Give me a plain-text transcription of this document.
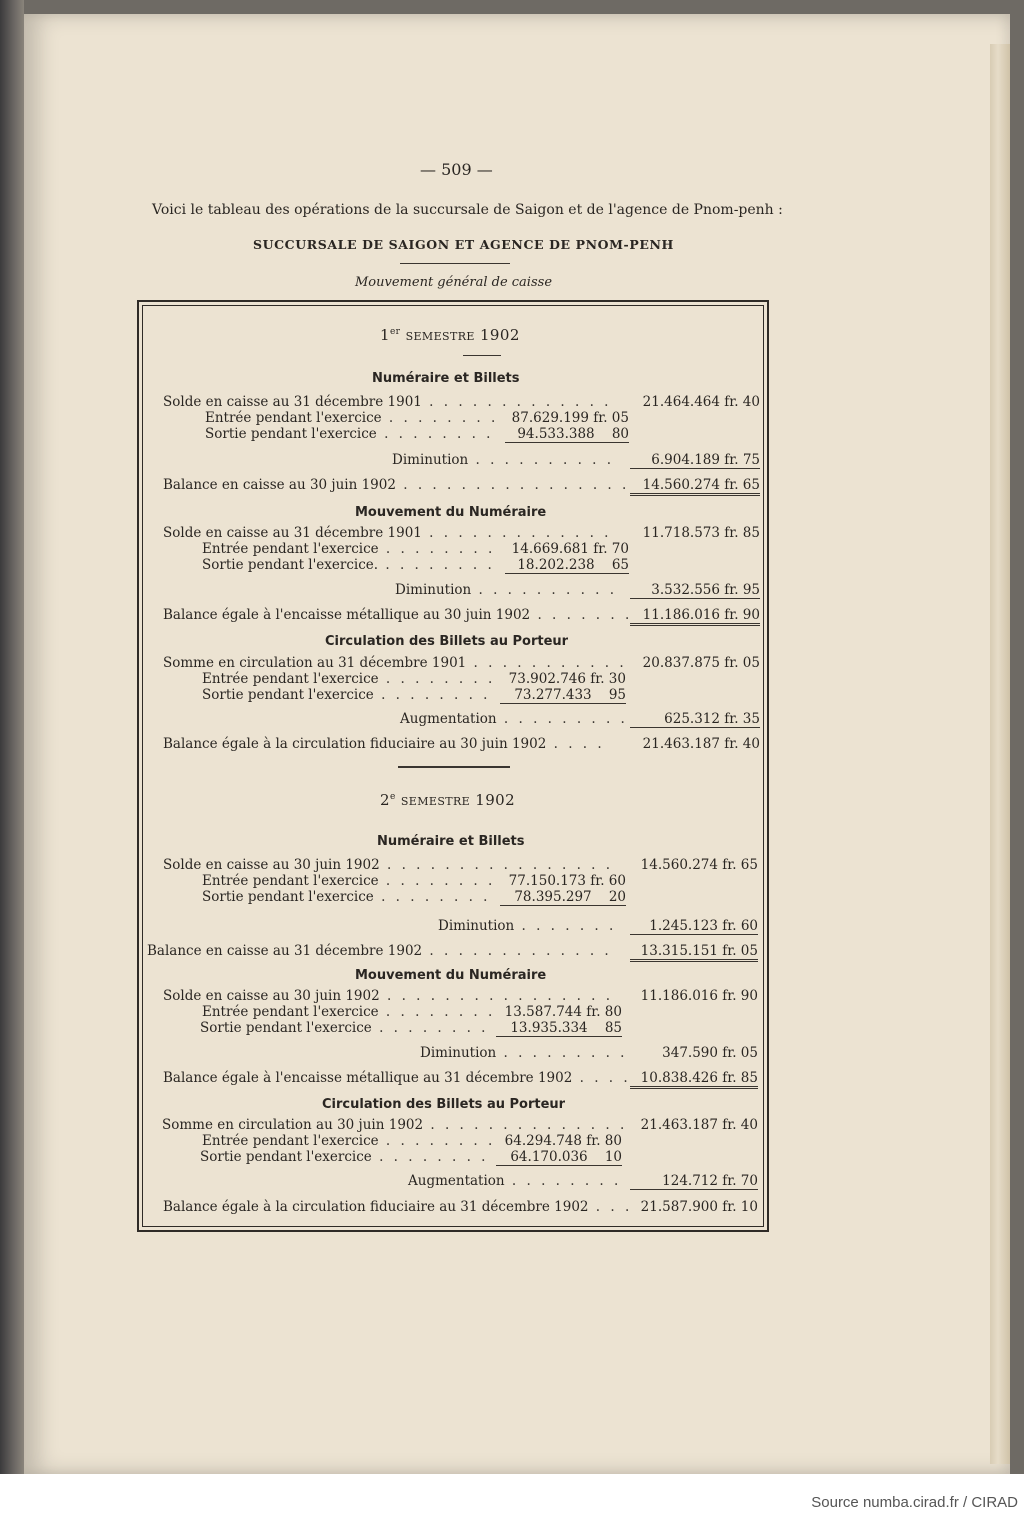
— 509 —
Voici le tableau des opérations de la succursale de Saigon et de l'agence de Pnom-penh :
SUCCURSALE DE SAIGON ET AGENCE DE PNOM-PENH
Mouvement général de caisse
1er SEMESTRE 1902
Numéraire et Billets
Solde en caisse au 31 décembre 1901 . . . . . . . . . . . . .	21.464.464 fr. 40
Entrée pendant l'exercice . . . . . . . . 87.629.199 fr. 05
Sortie pendant l'exercice . . . . . . . .	94.533.388 80
Diminution . . . . . . . . . .	6.904.189 fr. 75
Balance en caisse au 30 juin 1902 . . . . . . . . . . . . . . . . 14.560.274 fr. 65
Mouvement du Numéraire
Solde en caisse au 31 décembre 1901 . . . . . . . . . . . . .	11.718.573 fr. 85
Entrée pendant l'exercice . . . . . . . .	14.669.681 fr. 70
Sortie pendant l'exercice. . . . . . . . .	18.202.238 65
Diminution . . . . . . . . . .	3.532.556 fr. 95
Balance égale à l'encaisse métallique au 30 juin 1902 . . . . . . . 11.186.016 fr. 90
Circulation des Billets au Porteur
Somme en circulation au 31 décembre 1901 . . . . . . . . . . .	20.837.875 fr. 05
Entrée pendant l'exercice . . . . . . . . 73.902.746 fr. 30
Sortie pendant l'exercice . . . . . . . .	73.277.433 95
Augmentation . . . . . . . . .	625.312 fr. 35
Balance égale à la circulation fiduciaire au 30 juin 1902 . . . .	21.463.187 fr. 40
2e SEMESTRE 1902
Numéraire et Billets
Solde en caisse au 30 juin 1902 . . . . . . . . . . . . . . . .	14.560.274 fr. 65
Entrée pendant l'exercice . . . . . . . . 77.150.173 fr. 60
Sortie pendant l'exercice . . . . . . . .	78.395.297 20
Diminution . . . . . . .	1.245.123 fr. 60
Balance en caisse au 31 décembre 1902 . . . . . . . . . . . . .	13.315.151 fr. 05
Mouvement du Numéraire
Solde en caisse au 30 juin 1902 . . . . . . . . . . . . . . . .	11.186.016 fr. 90
Entrée pendant l'exercice . . . . . . . . 13.587.744 fr. 80
Sortie pendant l'exercice . . . . . . . .	13.935.334 85
Diminution . . . . . . . . .	347.590 fr. 05
Balance égale à l'encaisse métallique au 31 décembre 1902 . . . . 10.838.426 fr. 85
Circulation des Billets au Porteur
Somme en circulation au 30 juin 1902 . . . . . . . . . . . . . . 21.463.187 fr. 40
Entrée pendant l'exercice . . . . . . . . 64.294.748 fr. 80
Sortie pendant l'exercice . . . . . . . .	64.170.036 10
Augmentation . . . . . . . .	124.712 fr. 70
Balance égale à la circulation fiduciaire au 31 décembre 1902 . . . 21.587.900 fr. 10
Source numba.cirad.fr / CIRAD
